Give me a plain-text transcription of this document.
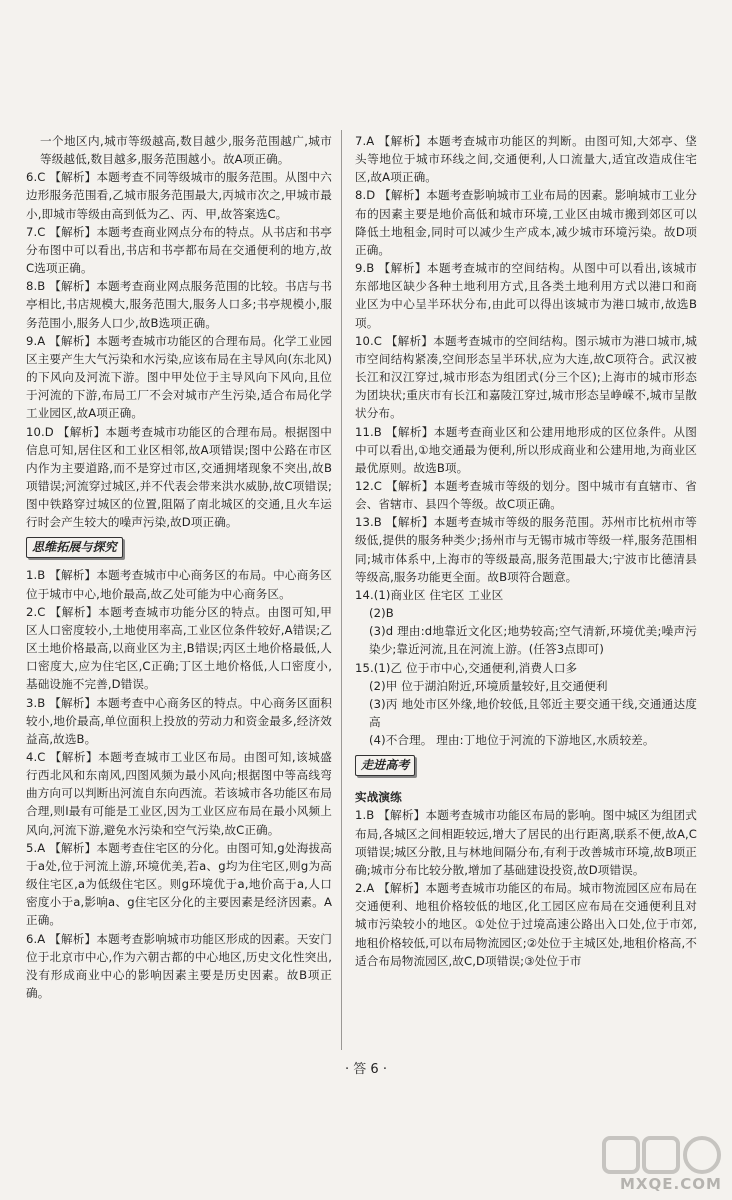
一个地区内,城市等级越高,数目越少,服务范围越广,城市等级越低,数目越多,服务范围越小。故A项正确。

6.C 【解析】本题考查不同等级城市的服务范围。从图中六边形服务范围看,乙城市服务范围最大,丙城市次之,甲城市最小,即城市等级由高到低为乙、丙、甲,故答案选C。

7.C 【解析】本题考查商业网点分布的特点。从书店和书亭分布图中可以看出,书店和书亭都布局在交通便利的地方,故C选项正确。

8.B 【解析】本题考查商业网点服务范围的比较。书店与书亭相比,书店规模大,服务范围大,服务人口多;书亭规模小,服务范围小,服务人口少,故B选项正确。

9.A 【解析】本题考查城市功能区的合理布局。化学工业园区主要产生大气污染和水污染,应该布局在主导风向(东北风)的下风向及河流下游。图中甲处位于主导风向下风向,且位于河流的下游,布局工厂不会对城市产生污染,适合布局化学工业园区,故A项正确。

10.D 【解析】本题考查城市功能区的合理布局。根据图中信息可知,居住区和工业区相邻,故A项错误;图中公路在市区内作为主要道路,而不是穿过市区,交通拥堵现象不突出,故B项错误;河流穿过城区,并不代表会带来洪水威胁,故C项错误;图中铁路穿过城区的位置,阻隔了南北城区的交通,且火车运行时会产生较大的噪声污染,故D项正确。

思维拓展与探究

1.B 【解析】本题考查城市中心商务区的布局。中心商务区位于城市中心,地价最高,故乙处可能为中心商务区。

2.C 【解析】本题考查城市功能分区的特点。由图可知,甲区人口密度较小,土地使用率高,工业区位条件较好,A错误;乙区土地价格最高,以商业区为主,B错误;丙区土地价格最低,人口密度大,应为住宅区,C正确;丁区土地价格低,人口密度小,基础设施不完善,D错误。

3.B 【解析】本题考查中心商务区的特点。中心商务区面积较小,地价最高,单位面积上投放的劳动力和资金最多,经济效益高,故选B。

4.C 【解析】本题考查城市工业区布局。由图可知,该城盛行西北风和东南风,四图风频为最小风向;根据图中等高线弯曲方向可以判断出河流自东向西流。若该城市各功能区布局合理,则I最有可能是工业区,因为工业区应布局在最小风频上风向,河流下游,避免水污染和空气污染,故C正确。

5.A 【解析】本题考查住宅区的分化。由图可知,g处海拔高于a处,位于河流上游,环境优美,若a、g均为住宅区,则g为高级住宅区,a为低级住宅区。则g环境优于a,地价高于a,人口密度小于a,影响a、g住宅区分化的主要因素是经济因素。A正确。

6.A 【解析】本题考查影响城市功能区形成的因素。天安门位于北京市中心,作为六朝古都的中心地区,历史文化性突出,没有形成商业中心的影响因素主要是历史因素。故B项正确。

7.A 【解析】本题考查城市功能区的判断。由图可知,大郊亭、垡头等地位于城市环线之间,交通便利,人口流量大,适宜改造成住宅区,故A项正确。

8.D 【解析】本题考查影响城市工业布局的因素。影响城市工业分布的因素主要是地价高低和城市环境,工业区由城市搬到郊区可以降低土地租金,同时可以减少生产成本,减少城市环境污染。故D项正确。

9.B 【解析】本题考查城市的空间结构。从图中可以看出,该城市东部地区缺少各种土地利用方式,且各类土地利用方式以港口和商业区为中心呈半环状分布,由此可以得出该城市为港口城市,故选B项。

10.C 【解析】本题考查城市的空间结构。图示城市为港口城市,城市空间结构紧凑,空间形态呈半环状,应为大连,故C项符合。武汉被长江和汉江穿过,城市形态为组团式(分三个区);上海市的城市形态为团块状;重庆市有长江和嘉陵江穿过,城市形态呈峥嵘不,城市呈散状分布。

11.B 【解析】本题考查商业区和公建用地形成的区位条件。从图中可以看出,①地交通最为便利,所以形成商业和公建用地,为商业区最优原则。故选B项。

12.C 【解析】本题考查城市等级的划分。图中城市有直辖市、省会、省辖市、县四个等级。故C项正确。

13.B 【解析】本题考查城市等级的服务范围。苏州市比杭州市等级低,提供的服务种类少;扬州市与无锡市城市等级一样,服务范围相同;城市体系中,上海市的等级最高,服务范围最大;宁波市比德清县等级高,服务功能更全面。故B项符合题意。

14.(1)商业区 住宅区 工业区

(2)B

(3)d 理由:d地靠近文化区;地势较高;空气清新,环境优美;噪声污染少;靠近河流,且在河流上游。(任答3点即可)

15.(1)乙 位于市中心,交通便利,消费人口多

(2)甲 位于湖泊附近,环境质量较好,且交通便利

(3)丙 地处市区外缘,地价较低,且邻近主要交通干线,交通通达度高

(4)不合理。 理由:丁地位于河流的下游地区,水质较差。

走进高考

实战演练

1.B 【解析】本题考查城市功能区布局的影响。图中城区为组团式布局,各城区之间相距较远,增大了居民的出行距离,联系不便,故A,C项错误;城区分散,且与林地间隔分布,有利于改善城市环境,故B项正确;城市分布比较分散,增加了基础建设投资,故D项错误。

2.A 【解析】本题考查城市功能区的布局。城市物流园区应布局在交通便利、地租价格较低的地区,化工园区应布局在交通便利且对城市污染较小的地区。①处位于过境高速公路出入口处,位于市郊,地租价格较低,可以布局物流园区;②处位于主城区处,地租价格高,不适合布局物流园区,故C,D项错误;③处位于市

· 答 6 ·
MXQE.COM
